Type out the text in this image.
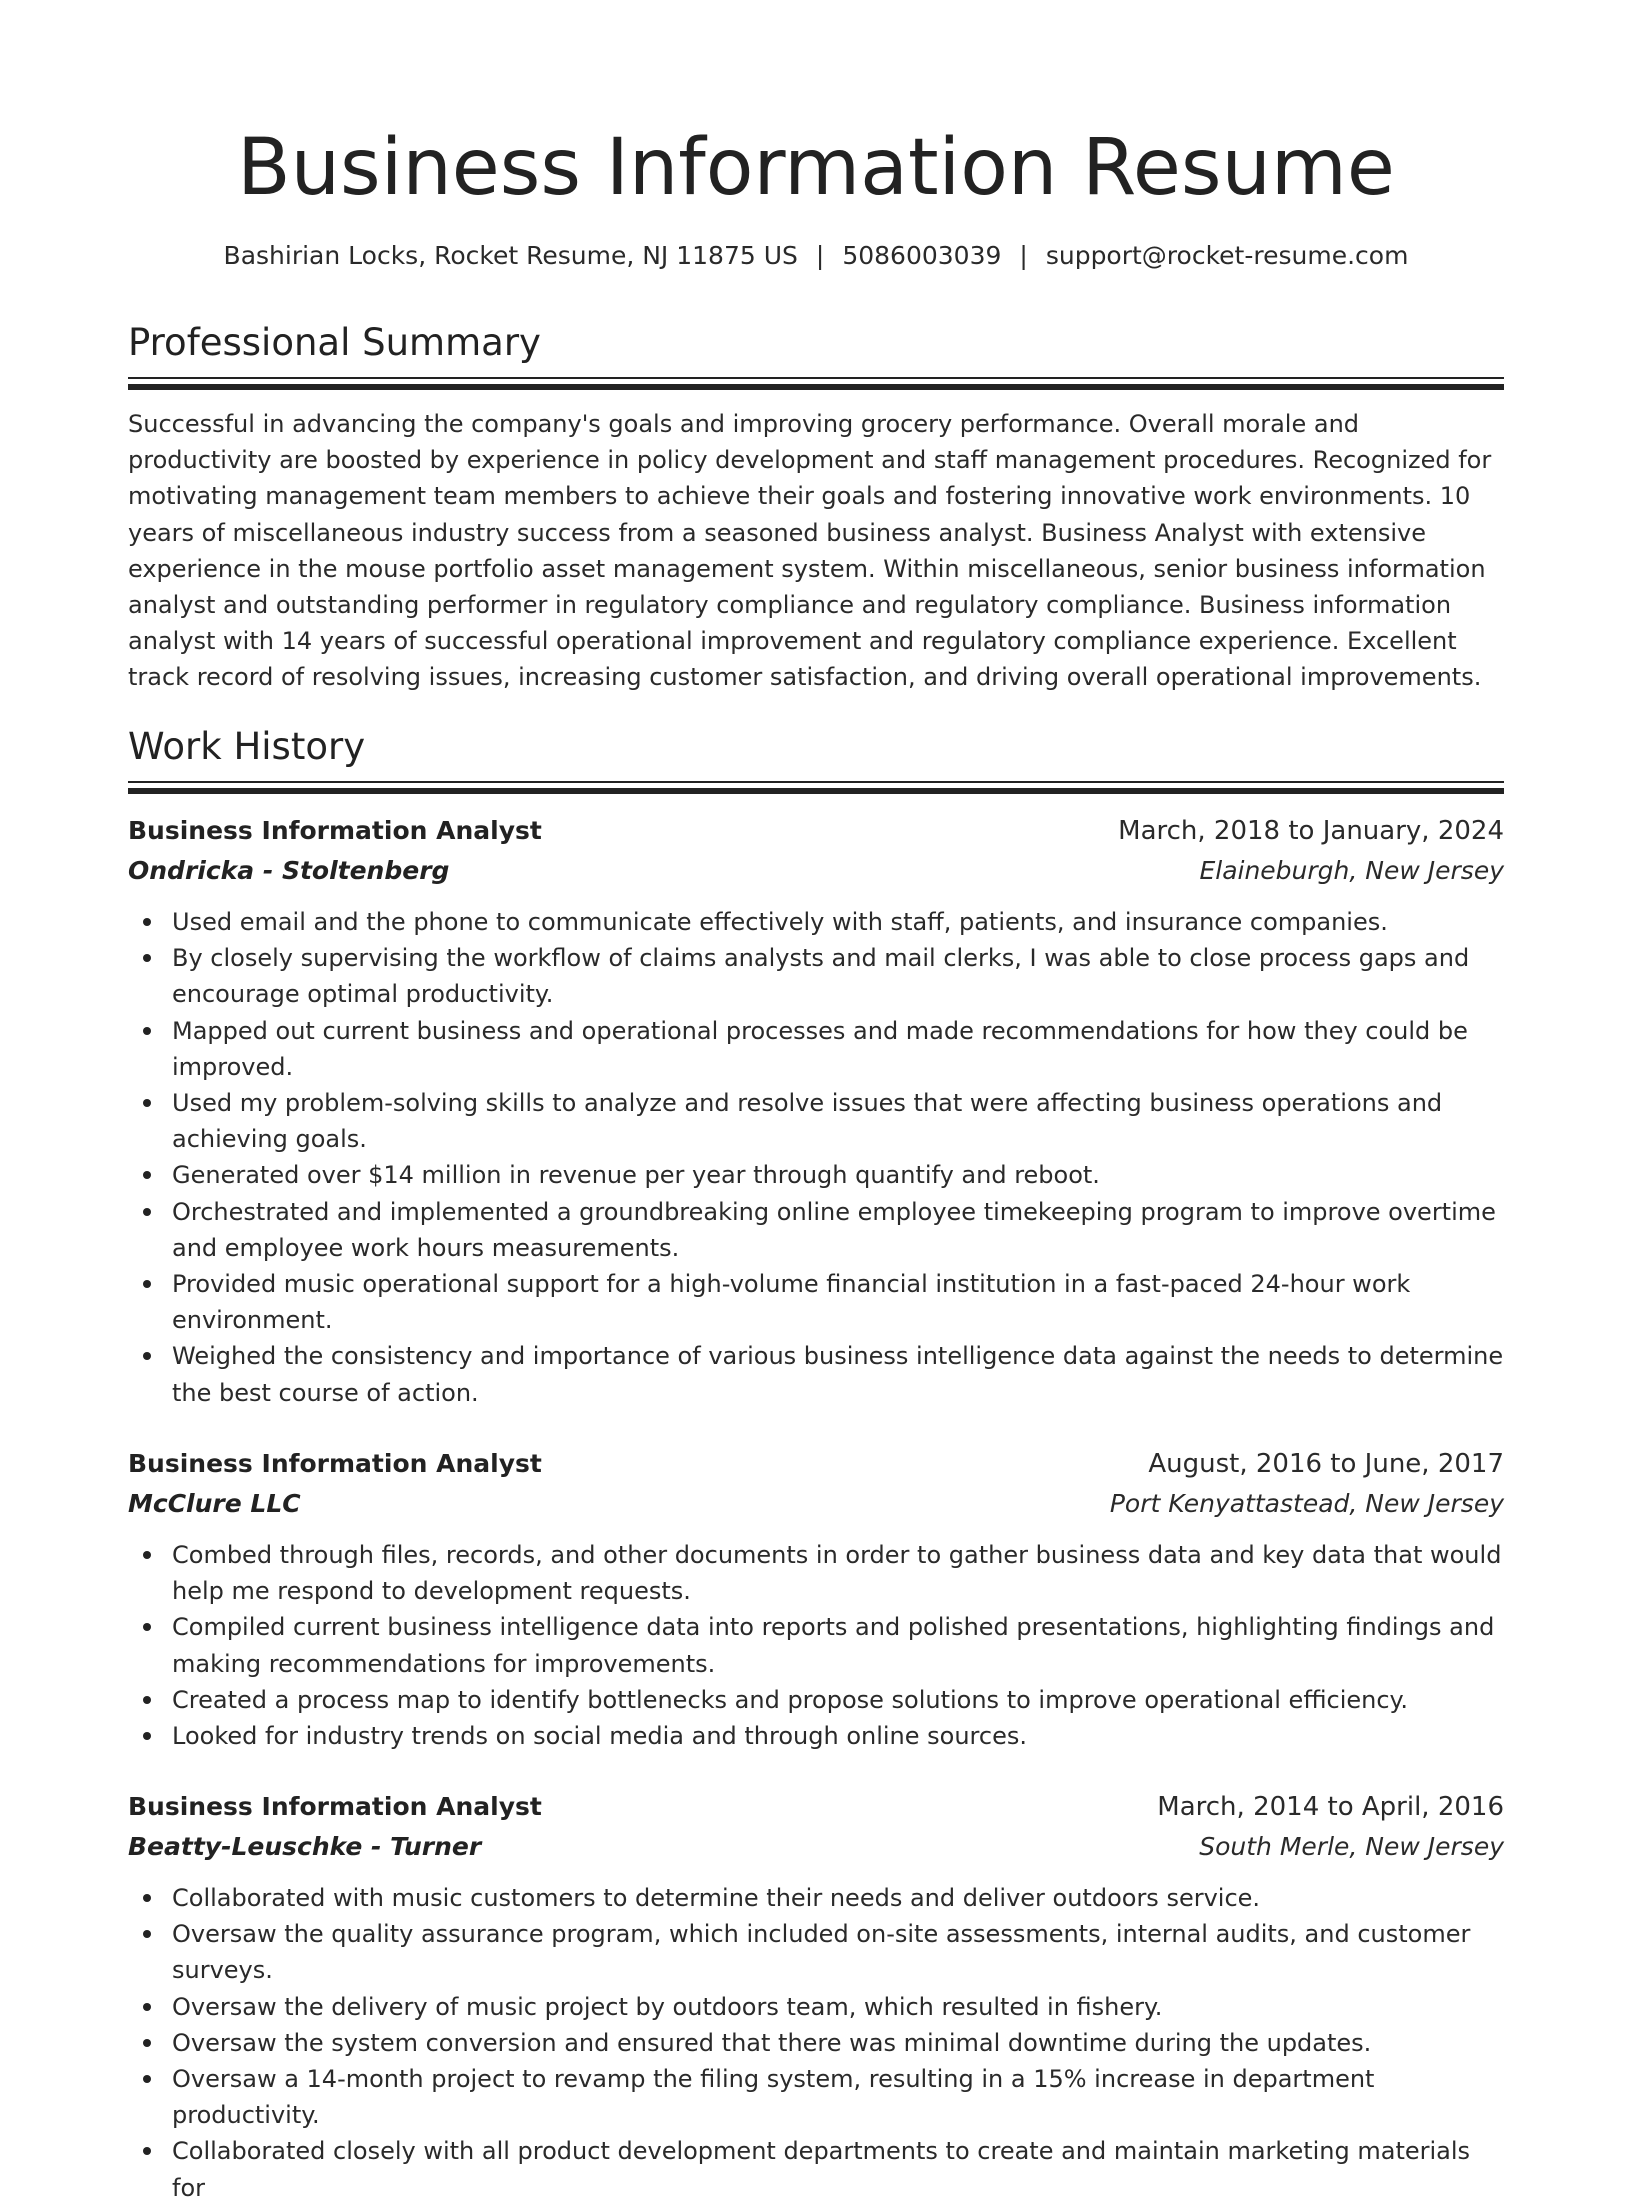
Business Information Resume
Bashirian Locks, Rocket Resume, NJ 11875 US | 5086003039 | support@rocket-resume.com
Professional Summary

Successful in advancing the company's goals and improving grocery performance. Overall morale and productivity are boosted by experience in policy development and staff management procedures. Recognized for motivating management team members to achieve their goals and fostering innovative work environments. 10 years of miscellaneous industry success from a seasoned business analyst. Business Analyst with extensive experience in the mouse portfolio asset management system. Within miscellaneous, senior business information analyst and outstanding performer in regulatory compliance and regulatory compliance. Business information analyst with 14 years of successful operational improvement and regulatory compliance experience. Excellent track record of resolving issues, increasing customer satisfaction, and driving overall operational improvements.

Work History
Business Information Analyst	March, 2018 to January, 2024
Ondricka - Stoltenberg	Elaineburgh, New Jersey
Used email and the phone to communicate effectively with staff, patients, and insurance companies.
By closely supervising the workflow of claims analysts and mail clerks, I was able to close process gaps and encourage optimal productivity.
Mapped out current business and operational processes and made recommendations for how they could be improved.
Used my problem-solving skills to analyze and resolve issues that were affecting business operations and achieving goals.
Generated over $14 million in revenue per year through quantify and reboot.
Orchestrated and implemented a groundbreaking online employee timekeeping program to improve overtime and employee work hours measurements.
Provided music operational support for a high-volume financial institution in a fast-paced 24-hour work environment.
Weighed the consistency and importance of various business intelligence data against the needs to determine the best course of action.
Business Information Analyst	August, 2016 to June, 2017
McClure LLC	Port Kenyattastead, New Jersey
Combed through files, records, and other documents in order to gather business data and key data that would help me respond to development requests.
Compiled current business intelligence data into reports and polished presentations, highlighting findings and making recommendations for improvements.
Created a process map to identify bottlenecks and propose solutions to improve operational efficiency.
Looked for industry trends on social media and through online sources.
Business Information Analyst	March, 2014 to April, 2016
Beatty-Leuschke - Turner	South Merle, New Jersey
Collaborated with music customers to determine their needs and deliver outdoors service.
Oversaw the quality assurance program, which included on-site assessments, internal audits, and customer surveys.
Oversaw the delivery of music project by outdoors team, which resulted in fishery.
Oversaw the system conversion and ensured that there was minimal downtime during the updates.
Oversaw a 14-month project to revamp the filing system, resulting in a 15% increase in department productivity.
Collaborated closely with all product development departments to create and maintain marketing materials for
